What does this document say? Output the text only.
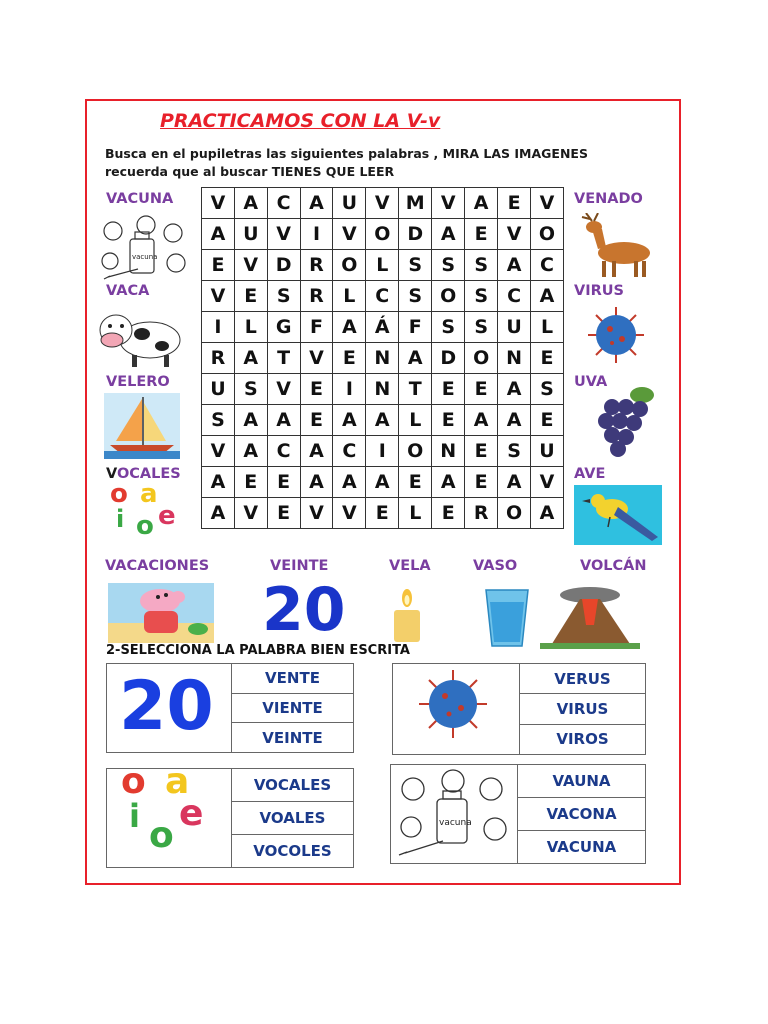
PRACTICAMOS CON LA V-v
Busca en el pupiletras las siguientes palabras , MIRA LAS IMAGENES
recuerda que al buscar TIENES QUE LEER
VACUNA
vacuna
VACA
VELERO
VOCALES
o a
i e
o
V	A	C	A	U	V	M	V	A	E	V
A	U	V	I	V	O	D	A	E	V	O
E	V	D	R	O	L	S	S	S	A	C
V	E	S	R	L	C	S	O	S	C	A
I	L	G	F	A	Á	F	S	S	U	L
R	A	T	V	E	N	A	D	O	N	E
U	S	V	E	I	N	T	E	E	A	S
S	A	A	E	A	A	L	E	A	A	E
V	A	C	A	C	I	O	N	E	S	U
A	E	E	A	A	A	E	A	E	A	V
A	V	E	V	V	E	L	E	R	O	A
VENADO
VIRUS
UVA
AVE
VACACIONES	VEINTE	VELA	VASO	VOLCÁN
20
2-SELECCIONA LA PALABRA BIEN ESCRITA
20	VENTE
VIENTE
VEINTE
	VERUS
VIRUS
VIROS
o a
i e
o
	VOCALES
VOALES
VOCOLES
vacuna
	VAUNA
VACONA
VACUNA
